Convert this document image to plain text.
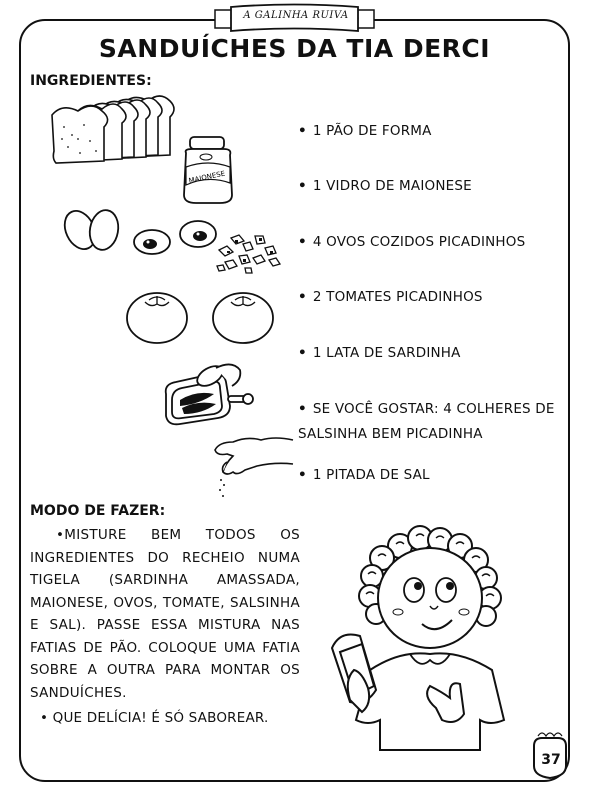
A GALINHA RUIVA
SANDUÍCHES DA TIA DERCI
INGREDIENTES:
MAIONESE
• 1 PÃO DE FORMA
• 1 VIDRO DE MAIONESE
• 4 OVOS COZIDOS PICADINHOS
• 2 TOMATES PICADINHOS
• 1 LATA DE SARDINHA
• SE VOCÊ GOSTAR: 4 COLHERES DE
SALSINHA BEM PICADINHA
• 1 PITADA DE SAL
MODO DE FAZER:

•MISTURE BEM TODOS OS INGREDIENTES DO RECHEIO NUMA TIGELA (SARDINHA AMASSADA, MAIONESE, OVOS, TOMATE, SALSINHA E SAL). PASSE ESSA MISTURA NAS FATIAS DE PÃO. COLOQUE UMA FATIA SOBRE A OUTRA PARA MONTAR OS SANDUÍCHES.

• QUE DELÍCIA! É SÓ SABOREAR.
37
